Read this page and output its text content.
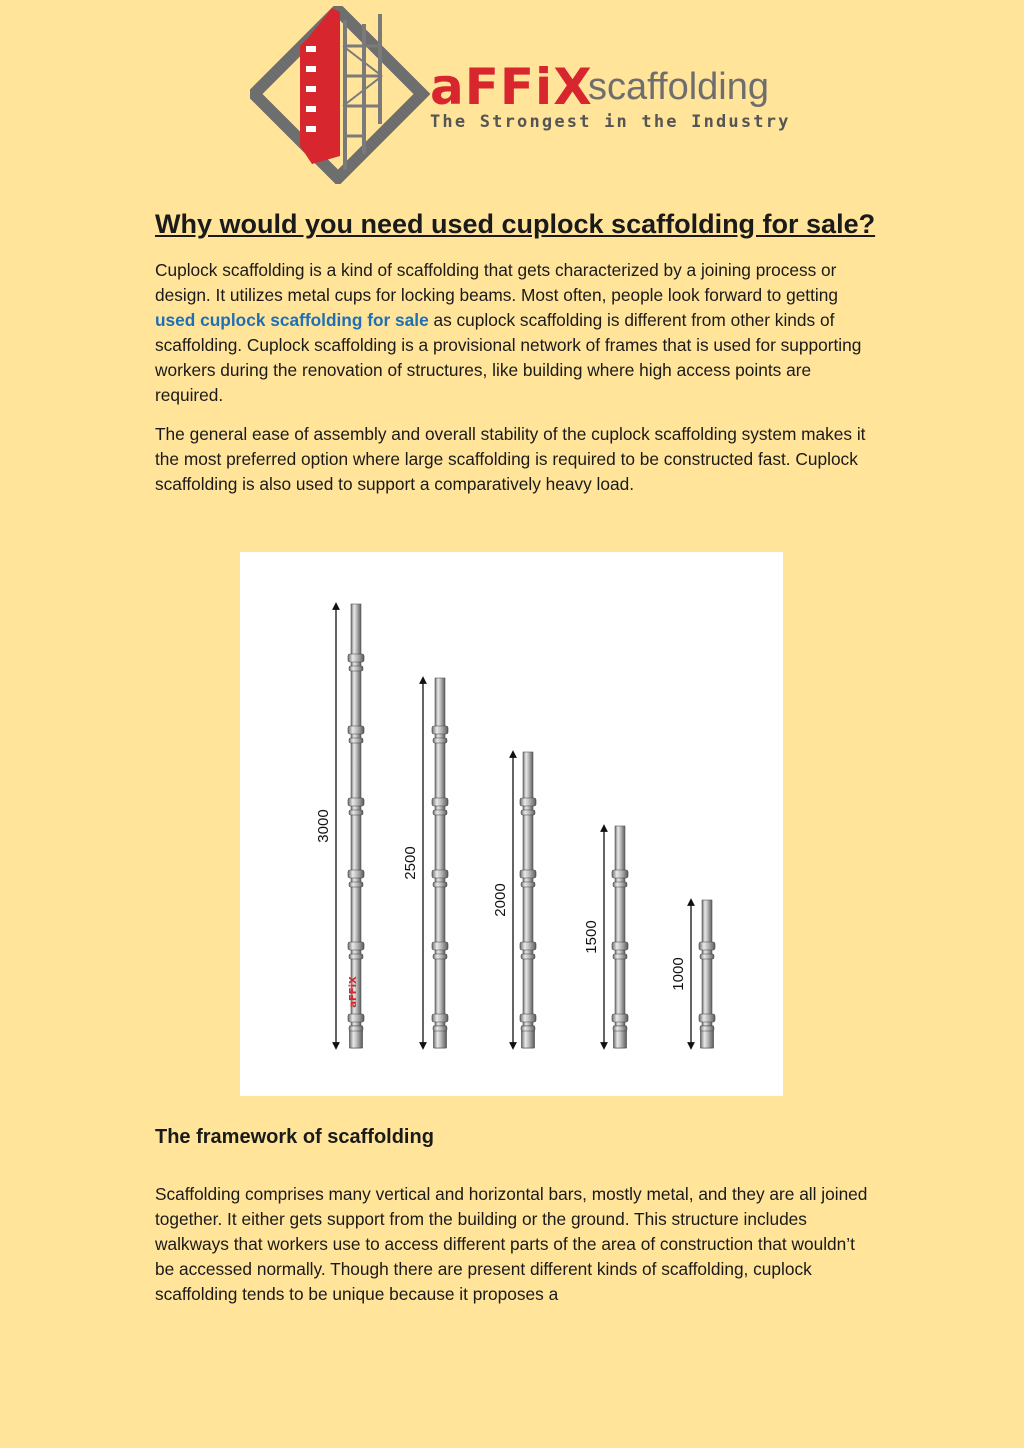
aFFiX
scaffolding
The Strongest in the Industry
Why would you need used cuplock scaffolding for sale?

Cuplock scaffolding is a kind of scaffolding that gets characterized by a joining process or design. It utilizes metal cups for locking beams. Most often, people look forward to getting used cuplock scaffolding for sale as cuplock scaffolding is different from other kinds of scaffolding. Cuplock scaffolding is a provisional network of frames that is used for supporting workers during the renovation of structures, like building where high access points are required.

The general ease of assembly and overall stability of the cuplock scaffolding system makes it the most preferred option where large scaffolding is required to be constructed fast. Cuplock scaffolding is also used to support a comparatively heavy load.

3000
2500
2000
1500
1000
aFFiX
The framework of scaffolding

Scaffolding comprises many vertical and horizontal bars, mostly metal, and they are all joined together. It either gets support from the building or the ground. This structure includes walkways that workers use to access different parts of the area of construction that wouldn’t be accessed normally. Though there are present different kinds of scaffolding, cuplock scaffolding tends to be unique because it proposes a
